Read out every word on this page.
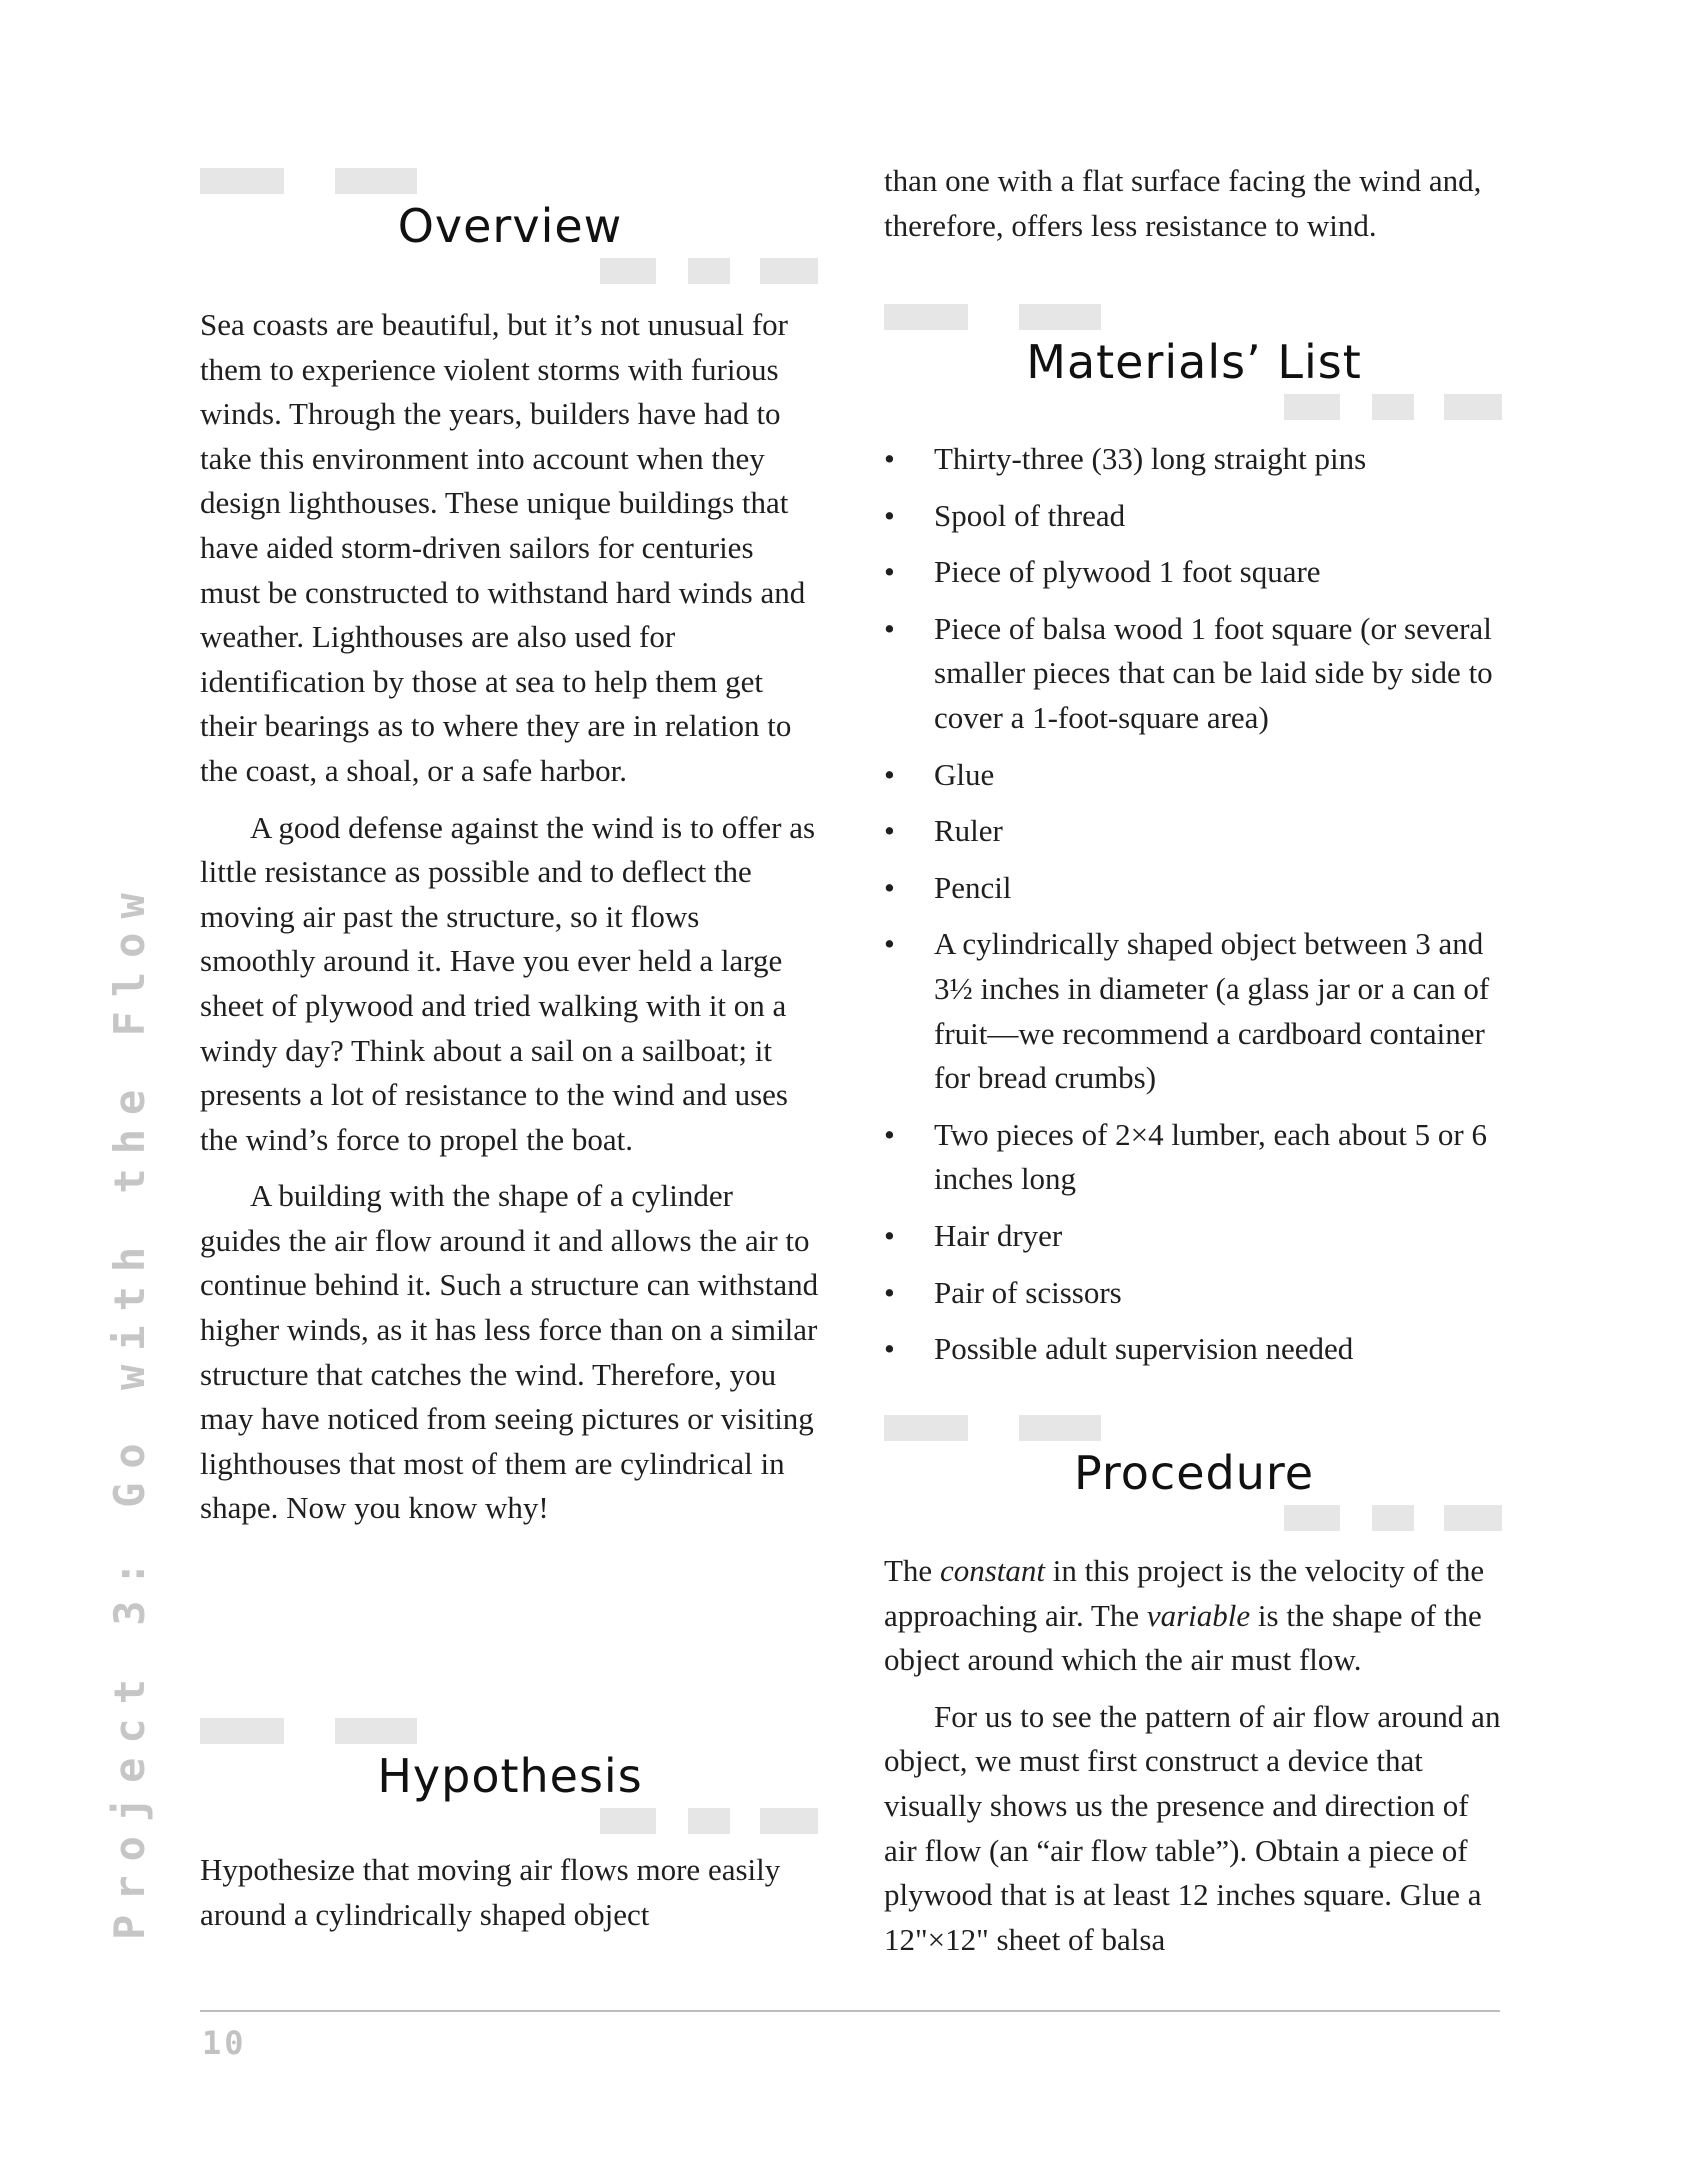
Project 3: Go with the Flow
Overview

Sea coasts are beautiful, but it’s not unusual for them to experience violent storms with furious winds. Through the years, builders have had to take this environment into account when they design lighthouses. These unique buildings that have aided storm-driven sailors for centuries must be constructed to withstand hard winds and weather. Lighthouses are also used for identification by those at sea to help them get their bearings as to where they are in relation to the coast, a shoal, or a safe harbor.

A good defense against the wind is to offer as little resistance as possible and to deflect the moving air past the structure, so it flows smoothly around it. Have you ever held a large sheet of plywood and tried walking with it on a windy day? Think about a sail on a sailboat; it presents a lot of resistance to the wind and uses the wind’s force to propel the boat.

A building with the shape of a cylinder guides the air flow around it and allows the air to continue behind it. Such a structure can withstand higher winds, as it has less force than on a similar structure that catches the wind. Therefore, you may have noticed from seeing pictures or visiting lighthouses that most of them are cylindrical in shape. Now you know why!

Hypothesis

Hypothesize that moving air flows more easily around a cylindrically shaped object

than one with a flat surface facing the wind and, therefore, offers less resistance to wind.

Materials’ List
• Thirty-three (33) long straight pins
• Spool of thread
• Piece of plywood 1 foot square
• Piece of balsa wood 1 foot square (or several smaller pieces that can be laid side by side to cover a 1-foot-square area)
• Glue
• Ruler
• Pencil
• A cylindrically shaped object between 3 and 3½ inches in diameter (a glass jar or a can of fruit—we recommend a cardboard container for bread crumbs)
• Two pieces of 2×4 lumber, each about 5 or 6 inches long
• Hair dryer
• Pair of scissors
• Possible adult supervision needed
Procedure

The constant in this project is the velocity of the approaching air. The variable is the shape of the object around which the air must flow.

For us to see the pattern of air flow around an object, we must first construct a device that visually shows us the presence and direction of air flow (an “air flow table”). Obtain a piece of plywood that is at least 12 inches square. Glue a 12"×12" sheet of balsa

10
